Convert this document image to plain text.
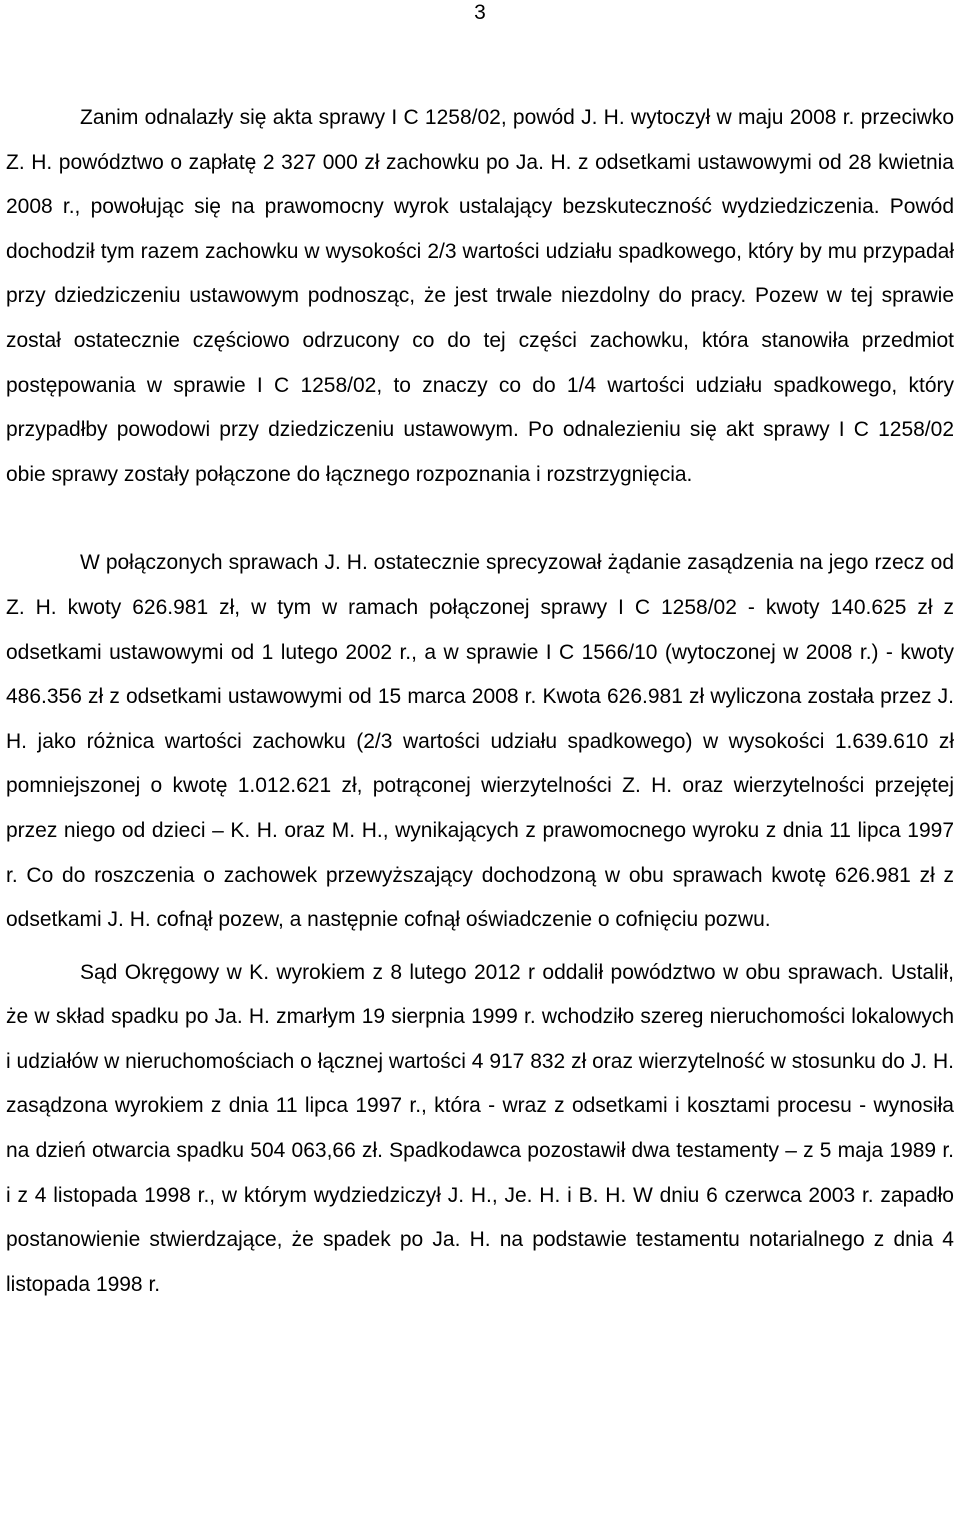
3

Zanim odnalazły się akta sprawy I C 1258/02, powód J. H. wytoczył w maju 2008 r. przeciwko Z. H. powództwo o zapłatę 2 327 000 zł zachowku po Ja. H. z odsetkami ustawowymi od 28 kwietnia 2008 r., powołując się na prawomocny wyrok ustalający bezskuteczność wydziedziczenia. Powód dochodził tym razem zachowku w wysokości 2/3 wartości udziału spadkowego, który by mu przypadał przy dziedziczeniu ustawowym podnosząc, że jest trwale niezdolny do pracy. Pozew w tej sprawie został ostatecznie częściowo odrzucony co do tej części zachowku, która stanowiła przedmiot postępowania w sprawie I C 1258/02, to znaczy co do 1/4 wartości udziału spadkowego, który przypadłby powodowi przy dziedziczeniu ustawowym. Po odnalezieniu się akt sprawy I C 1258/02 obie sprawy zostały połączone do łącznego rozpoznania i rozstrzygnięcia.

W połączonych sprawach J. H. ostatecznie sprecyzował żądanie zasądzenia na jego rzecz od Z. H. kwoty 626.981 zł, w tym w ramach połączonej sprawy I C 1258/02 - kwoty 140.625 zł z odsetkami ustawowymi od 1 lutego 2002 r., a w sprawie I C 1566/10 (wytoczonej w 2008 r.) - kwoty 486.356 zł z odsetkami ustawowymi od 15 marca 2008 r. Kwota 626.981 zł wyliczona została przez J. H. jako różnica wartości zachowku (2/3 wartości udziału spadkowego) w wysokości 1.639.610 zł pomniejszonej o kwotę 1.012.621 zł, potrąconej wierzytelności Z. H. oraz wierzytelności przejętej przez niego od dzieci – K. H. oraz M. H., wynikających z prawomocnego wyroku z dnia 11 lipca 1997 r. Co do roszczenia o zachowek przewyższający dochodzoną w obu sprawach kwotę 626.981 zł z odsetkami J. H. cofnął pozew, a następnie cofnął oświadczenie o cofnięciu pozwu.

Sąd Okręgowy w K. wyrokiem z 8 lutego 2012 r oddalił powództwo w obu sprawach. Ustalił, że w skład spadku po Ja. H. zmarłym 19 sierpnia 1999 r. wchodziło szereg nieruchomości lokalowych i udziałów w nieruchomościach o łącznej wartości 4 917 832 zł oraz wierzytelność w stosunku do J. H. zasądzona wyrokiem z dnia 11 lipca 1997 r., która - wraz z odsetkami i kosztami procesu - wynosiła na dzień otwarcia spadku 504 063,66 zł. Spadkodawca pozostawił dwa testamenty – z 5 maja 1989 r. i z 4 listopada 1998 r., w którym wydziedziczył J. H., Je. H. i B. H. W dniu 6 czerwca 2003 r. zapadło postanowienie stwierdzające, że spadek po Ja. H. na podstawie testamentu notarialnego z dnia 4 listopada 1998 r.
